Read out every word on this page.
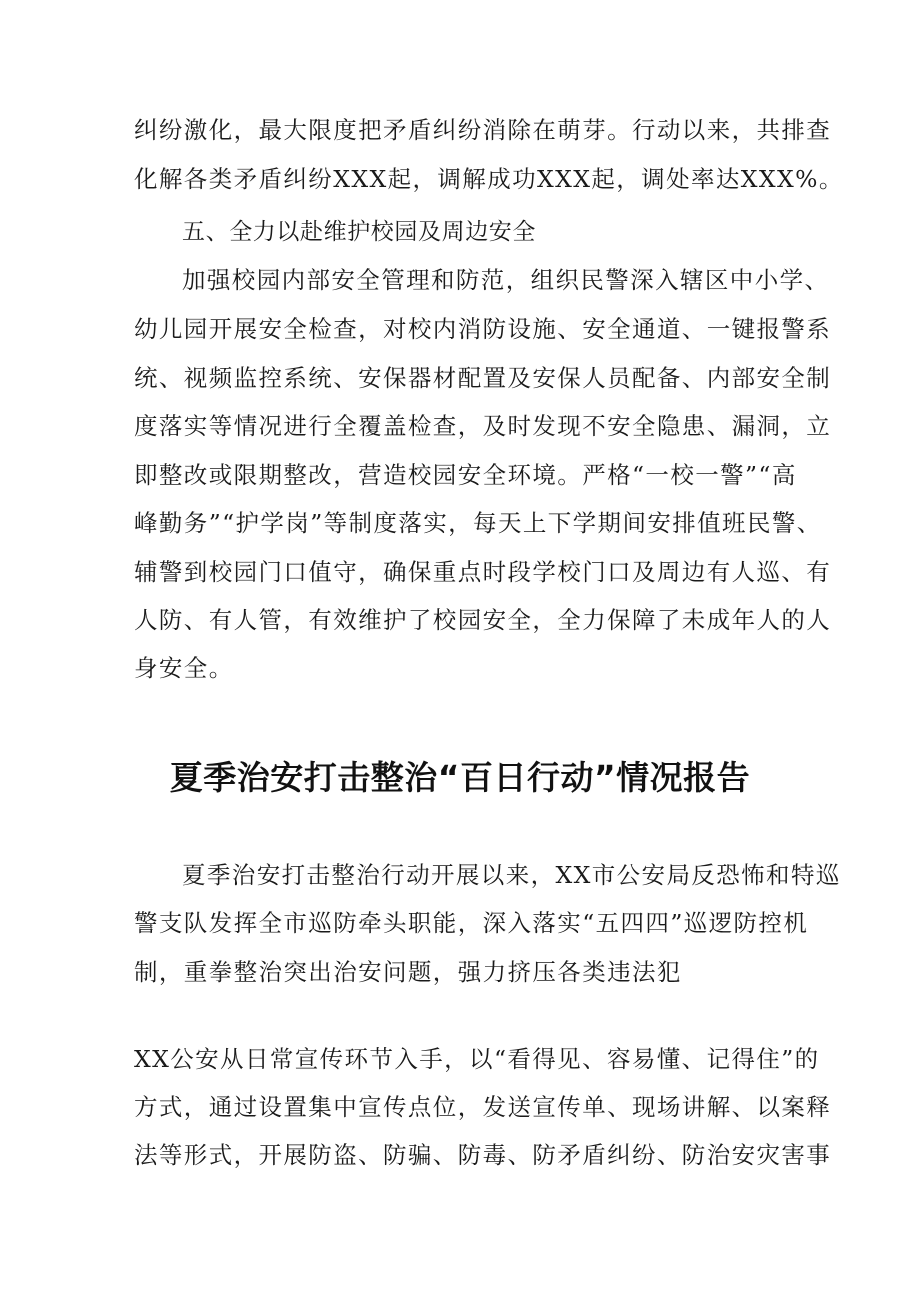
纠纷激化，最大限度把矛盾纠纷消除在萌芽。行动以来，共排查

化解各类矛盾纠纷XXX起，调解成功XXX起，调处率达XXX%。

五、全力以赴维护校园及周边安全

加强校园内部安全管理和防范，组织民警深入辖区中小学、

幼儿园开展安全检查，对校内消防设施、安全通道、一键报警系

统、视频监控系统、安保器材配置及安保人员配备、内部安全制

度落实等情况进行全覆盖检查，及时发现不安全隐患、漏洞，立

即整改或限期整改，营造校园安全环境。严格“一校一警”“高

峰勤务”“护学岗”等制度落实，每天上下学期间安排值班民警、

辅警到校园门口值守，确保重点时段学校门口及周边有人巡、有

人防、有人管，有效维护了校园安全，全力保障了未成年人的人

身安全。

夏季治安打击整治“百日行动”情况报告

夏季治安打击整治行动开展以来，XX市公安局反恐怖和特巡

警支队发挥全市巡防牵头职能，深入落实“五四四”巡逻防控机

制，重拳整治突出治安问题，强力挤压各类违法犯

XX公安从日常宣传环节入手，以“看得见、容易懂、记得住”的

方式，通过设置集中宣传点位，发送宣传单、现场讲解、以案释

法等形式，开展防盗、防骗、防毒、防矛盾纠纷、防治安灾害事
